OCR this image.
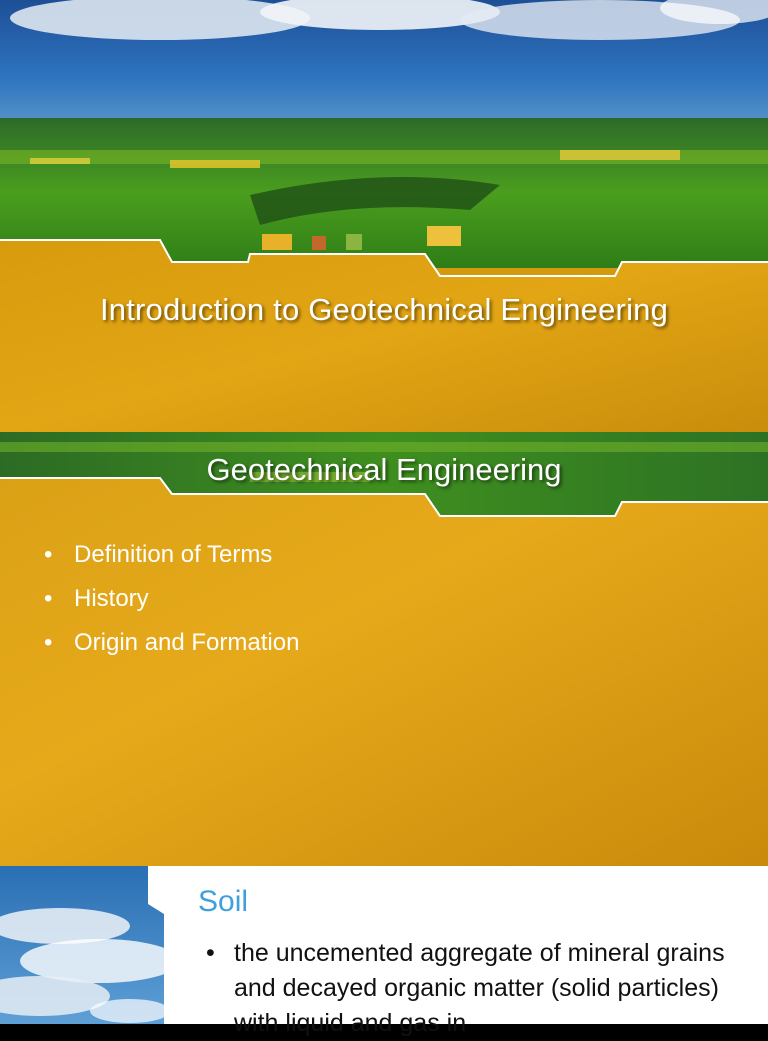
Introduction to Geotechnical Engineering
Geotechnical Engineering
• Definition of Terms
• History
• Origin and Formation
Soil
• the uncemented aggregate of mineral grains and decayed organic matter (solid particles) with liquid and gas in
